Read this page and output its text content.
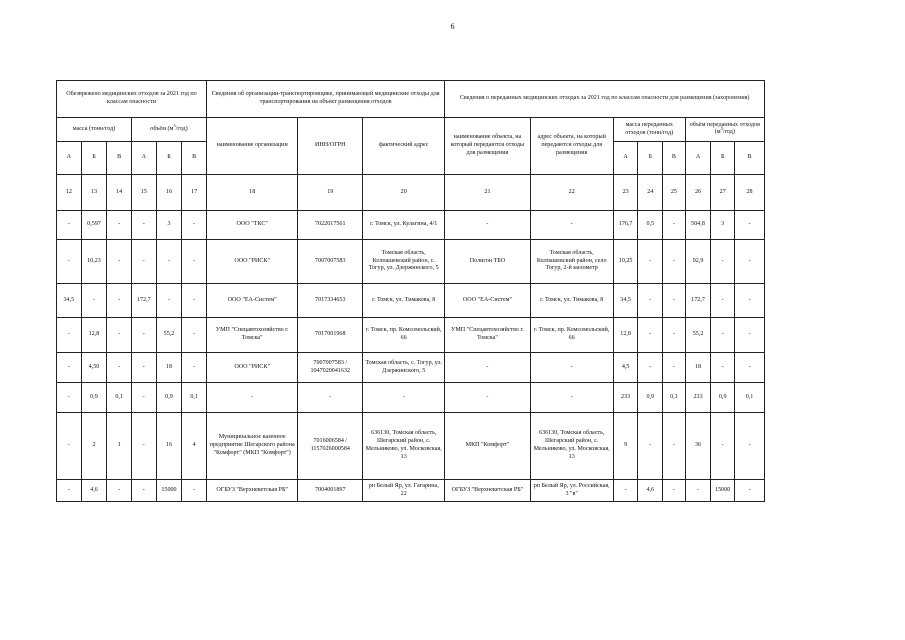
6
Обезврежено медицинских отходов за 2021 год по классам опасности						Сведения об организации-транспортировщике, принимающей медицинские отходы для транспортирования на объект размещения отходов			Сведения о переданных медицинских отходах за 2021 год по классам опасности для размещения (захоронения)							
масса (тонн/год)			объём $(м^3/год)$			наименование организации	ИНН/ОГРН	фактический адрес	наименование объекта, на который передаются отходы для размещения	адрес объекта, на который передаются отходы для размещения	масса переданных отходов (тонн/год)			объём переданных отходов $(м^3/год)$		
А	Б	В	А	Б	В						А	Б	В	А	Б	В
12	13	14	15	16	17	18	19	20	21	22	23	24	25	26	27	28
-	0,597	-	-	3	-	ООО "ТКС"	7022017561	г. Томск, ул. Кулагина, 4/1	-	-	176,7	0,5	-	504,8	3	-
-	10,23	-	-	-	-	ООО "РИСК"	7007007583	Томская область, Колпашевский район, с. Тогур, ул. Дзержинского, 5	Полигон ТБО	Томская область, Колпашевский район, село Тогур, 2-й километр	10,25	-	-	92,9	-	-
34,5	-	-	172,7	-	-	ООО "ЕА-Систем"	7017334653	г. Томск, ул. Тимакова, 8	ООО "ЕА-Систем"	г. Томск, ул. Тимакова, 8	34,5	-	-	172,7	-	-
-	12,8	-	-	55,2	-	УМП "Спецавтохозяйство г. Томска"	7017001968	г. Томск, пр. Комсомольский, 66	УМП "Спецавтохозяйство г. Томска"	г. Томск, пр. Комсомольский, 66	12,8	-	-	55,2	-	-
-	4,50	-	-	18	-	ООО "РИСК"	7007007583 / 1047020041632	Томская область, с. Тогур, ул. Дзержинского, 5	-	-	4,5	-	-	18	-	-
-	0,9	0,1	-	0,9	0,1	-	-	-	-	-	233	0,9	0,1	233	0,9	0,1
-	2	1	-	16	4	Муниципальное казенное предприятие Шегарского района "Комфорт" (МКП "Комфорт")	7016006584 / 1157026000584	636130, Томская область, Шегарский район, с. Мельниково, ул. Московская, 13	МКП "Комфорт"	636130, Томская область, Шегарский район, с. Мельниково, ул. Московская, 13	9	-	-	36	-	-
-	4,6	-	-	15000	-	ОГБУЗ "Верхнекетская РБ"	7004001897	рп Белый Яр, ул. Гагарина, 22	ОГБУЗ "Верхнекетская РБ"	рп Белый Яр, ул. Российская, 3 "в"	-	4,6	-	-	15000	-
